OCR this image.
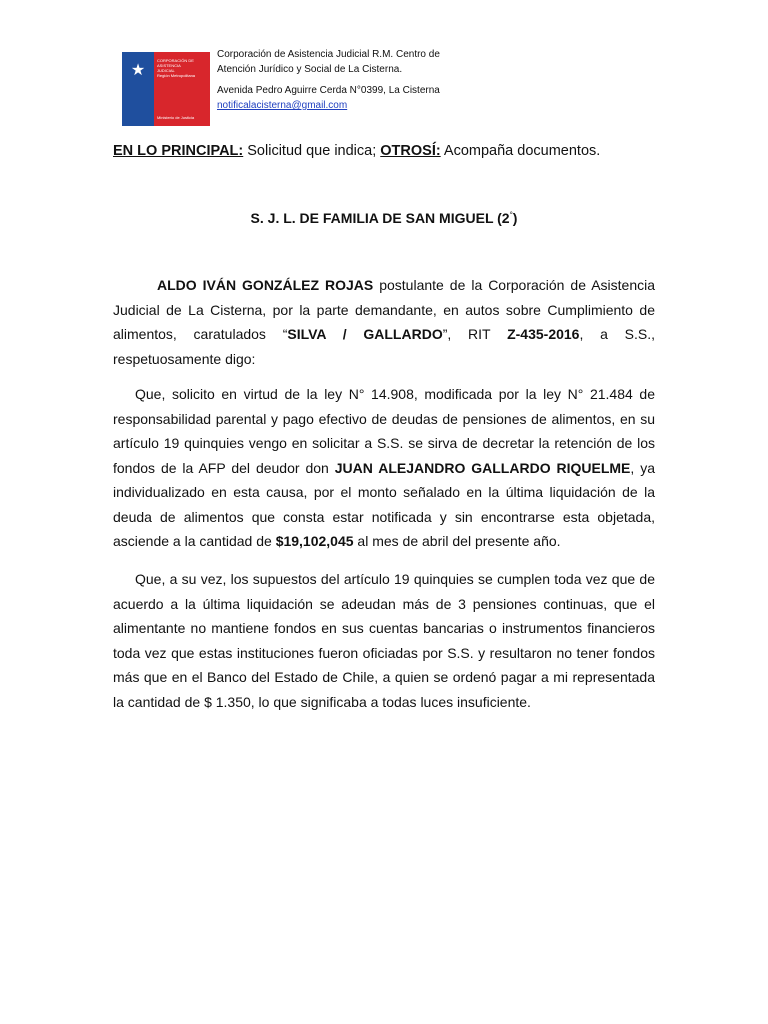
★
CORPORACIÓN DE
ASISTENCIA
JUDICIAL
Región Metropolitana
Ministerio de Justicia
Corporación de Asistencia Judicial R.M. Centro de
Atención Jurídico y Social de La Cisterna.
Avenida Pedro Aguirre Cerda N°0399, La Cisterna
notificalacisterna@gmail.com
EN LO PRINCIPAL: Solicitud que indica; OTROSÍ: Acompaña documentos.
S. J. L. DE FAMILIA DE SAN MIGUEL (2°)
ALDO IVÁN GONZÁLEZ ROJAS postulante de la Corporación de Asistencia Judicial de La Cisterna, por la parte demandante, en autos sobre Cumplimiento de alimentos, caratulados “SILVA / GALLARDO”, RIT Z-435-2016, a S.S., respetuosamente digo:
Que, solicito en virtud de la ley N° 14.908, modificada por la ley N° 21.484 de responsabilidad parental y pago efectivo de deudas de pensiones de alimentos, en su artículo 19 quinquies vengo en solicitar a S.S. se sirva de decretar la retención de los fondos de la AFP del deudor don JUAN ALEJANDRO GALLARDO RIQUELME, ya individualizado en esta causa, por el monto señalado en la última liquidación de la deuda de alimentos que consta estar notificada y sin encontrarse esta objetada, asciende a la cantidad de $19,102,045 al mes de abril del presente año.
Que, a su vez, los supuestos del artículo 19 quinquies se cumplen toda vez que de acuerdo a la última liquidación se adeudan más de 3 pensiones continuas, que el alimentante no mantiene fondos en sus cuentas bancarias o instrumentos financieros toda vez que estas instituciones fueron oficiadas por S.S. y resultaron no tener fondos más que en el Banco del Estado de Chile, a quien se ordenó pagar a mi representada la cantidad de $ 1.350, lo que significaba a todas luces insuficiente.
